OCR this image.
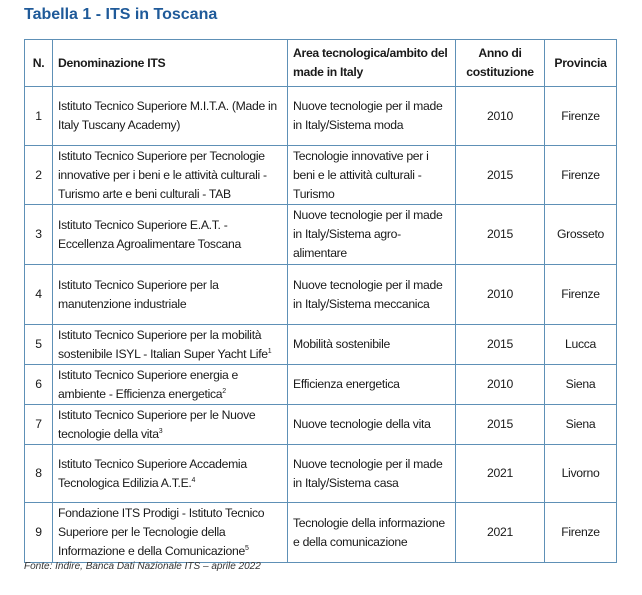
Tabella 1 - ITS in Toscana
N.	Denominazione ITS	Area tecnologica/ambito del made in Italy	Anno di costituzione	Provincia
1	Istituto Tecnico Superiore M.I.T.A. (Made in Italy Tuscany Academy)	Nuove tecnologie per il made in Italy/Sistema moda	2010	Firenze
2	Istituto Tecnico Superiore per Tecnologie innovative per i beni e le attività culturali - Turismo arte e beni culturali - TAB	Tecnologie innovative per i beni e le attività culturali - Turismo	2015	Firenze
3	Istituto Tecnico Superiore E.A.T. - Eccellenza Agroalimentare Toscana	Nuove tecnologie per il made in Italy/Sistema agro-alimentare	2015	Grosseto
4	Istituto Tecnico Superiore per la manutenzione industriale	Nuove tecnologie per il made in Italy/Sistema meccanica	2010	Firenze
5	Istituto Tecnico Superiore per la mobilità sostenibile ISYL - Italian Super Yacht Life$^1$	Mobilità sostenibile	2015	Lucca
6	Istituto Tecnico Superiore energia e ambiente - Efficienza energetica$^2$	Efficienza energetica	2010	Siena
7	Istituto Tecnico Superiore per le Nuove tecnologie della vita$^3$	Nuove tecnologie della vita	2015	Siena
8	Istituto Tecnico Superiore Accademia Tecnologica Edilizia A.T.E.$^4$	Nuove tecnologie per il made in Italy/Sistema casa	2021	Livorno
9	Fondazione ITS Prodigi - Istituto Tecnico Superiore per le Tecnologie della Informazione e della Comunicazione$^5$	Tecnologie della informazione e della comunicazione	2021	Firenze
Fonte: Indire, Banca Dati Nazionale ITS – aprile 2022
